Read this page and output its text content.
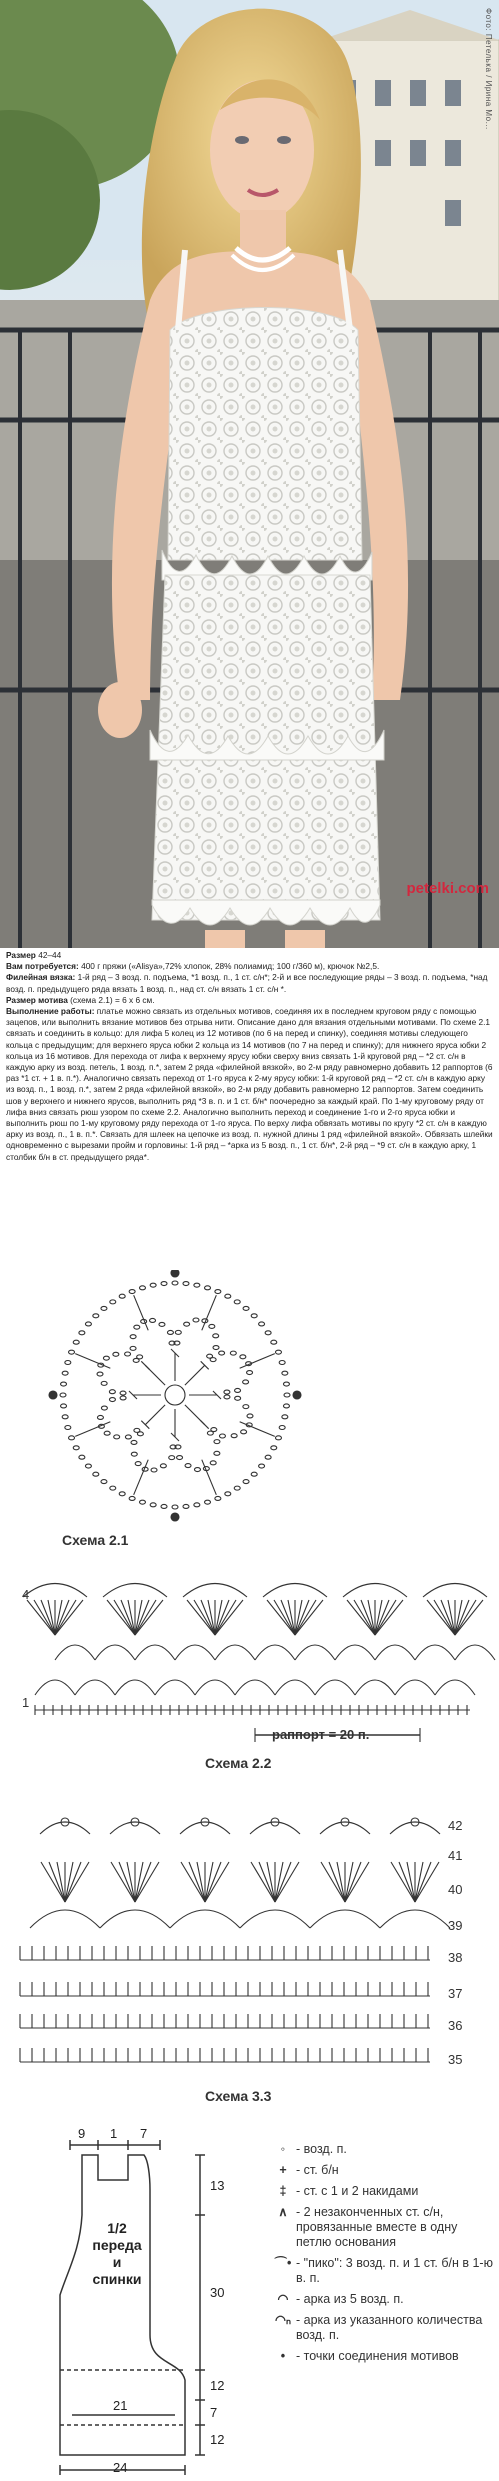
Фото: Петелька / Ирина Мо...
petelki.com

Размер 42–44

Вам потребуется: 400 г пряжи («Alisya»,72% хлопок, 28% полиамид; 100 г/360 м), крючок №2,5.

Филейная вязка: 1-й ряд – 3 возд. п. подъема, *1 возд. п., 1 ст. с/н*; 2-й и все последующие ряды – 3 возд. п. подъема, *над возд. п. предыдущего ряда вязать 1 возд. п., над ст. с/н вязать 1 ст. с/н *.

Размер мотива (схема 2.1) = 6 х 6 см.

Выполнение работы: платье можно связать из отдельных мотивов, соединяя их в последнем круговом ряду с помощью зацепов, или выполнить вязание мотивов без отрыва нити. Описание дано для вязания отдельными мотивами. По схеме 2.1 связать и соединить в кольцо: для лифа 5 колец из 12 мотивов (по 6 на перед и спинку), соединяя мотивы следующего кольца с предыдущим; для верхнего яруса юбки 2 кольца из 14 мотивов (по 7 на перед и спинку); для нижнего яруса юбки 2 кольца из 16 мотивов. Для перехода от лифа к верхнему ярусу юбки сверху вниз связать 1-й круговой ряд – *2 ст. с/н в каждую арку из возд. петель, 1 возд. п.*, затем 2 ряда «филейной вязкой», во 2-м ряду равномерно добавить 12 раппортов (6 раз *1 ст. + 1 в. п.*). Аналогично связать переход от 1-го яруса к 2-му ярусу юбки: 1-й круговой ряд – *2 ст. с/н в каждую арку из возд. п., 1 возд. п.*, затем 2 ряда «филейной вязкой», во 2-м ряду добавить равномерно 12 раппортов. Затем соединить шов у верхнего и нижнего ярусов, выполнить ряд *3 в. п. и 1 ст. б/н* поочередно за каждый край. По 1-му круговому ряду от лифа вниз связать рюш узором по схеме 2.2. Аналогично выполнить переход и соединение 1-го и 2-го яруса юбки и выполнить рюш по 1-му круговому ряду перехода от 1-го яруса. По верху лифа обвязать мотивы по кругу *2 ст. с/н в каждую арку из возд. п., 1 в. п.*. Связать для шлеек на цепочке из возд. п. нужной длины 1 ряд «филейной вязкой». Обвязать шлейки одновременно с вырезами пройм и горловины: 1-й ряд – *арка из 5 возд. п., 1 ст. б/н*, 2-й ряд – *9 ст. с/н в каждую арку, 1 столбик б/н в ст. предыдущего ряда*.

Схема 2.1
4
1
раппорт = 20 п.
Схема 2.2
42
41
40
39
38
37
36
35
Схема 3.3
9 1 7
13
30
12
7
12
1/2
переда
и
спинки
21
24
◦ - возд. п.
+ - ст. б/н
‡ - ст. с 1 и 2 накидами
∧ - 2 незаконченных ст. с/н, провязанные вместе в одну петлю основания
⌒• - "пико": 3 возд. п. и 1 ст. б/н в 1-ю в. п.
◠ - арка из 5 возд. п.
◠ₙ - арка из указанного количества возд. п.
• - точки соединения мотивов
